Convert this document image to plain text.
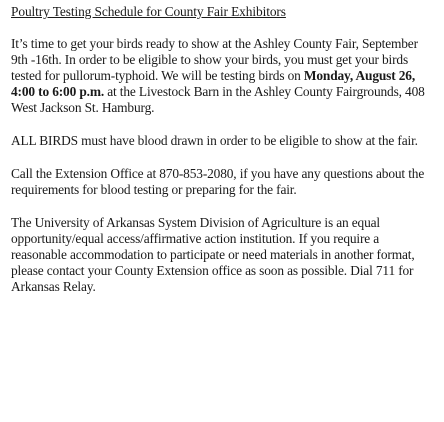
Poultry Testing Schedule for County Fair Exhibitors
It’s time to get your birds ready to show at the Ashley County Fair, September 9th -16th. In order to be eligible to show your birds, you must get your birds tested for pullorum-typhoid. We will be testing birds on Monday, August 26, 4:00 to 6:00 p.m. at the Livestock Barn in the Ashley County Fairgrounds, 408 West Jackson St. Hamburg.
ALL BIRDS must have blood drawn in order to be eligible to show at the fair.
Call the Extension Office at 870-853-2080, if you have any questions about the requirements for blood testing or preparing for the fair.
The University of Arkansas System Division of Agriculture is an equal opportunity/equal access/affirmative action institution. If you require a reasonable accommodation to participate or need materials in another format, please contact your County Extension office as soon as possible. Dial 711 for Arkansas Relay.
